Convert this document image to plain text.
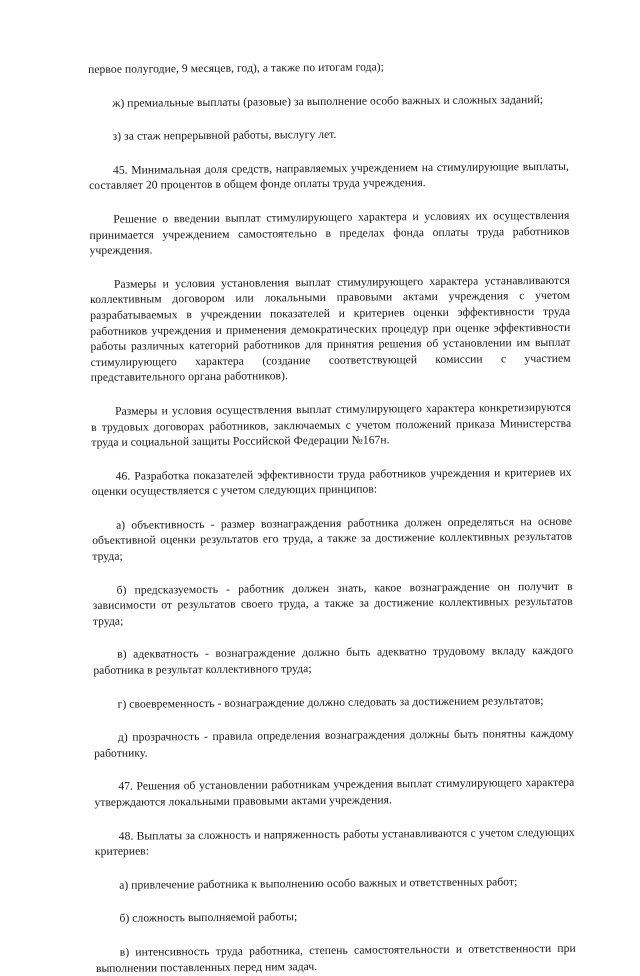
первое полугодие, 9 месяцев, год), а также по итогам года);

ж) премиальные выплаты (разовые) за выполнение особо важных и сложных заданий;

з) за стаж непрерывной работы, выслугу лет.

45. Минимальная доля средств, направляемых учреждением на стимулирующие выплаты, составляет 20 процентов в общем фонде оплаты труда учреждения.

Решение о введении выплат стимулирующего характера и условиях их осуществления принимается учреждением самостоятельно в пределах фонда оплаты труда работников учреждения.

Размеры и условия установления выплат стимулирующего характера устанавливаются коллективным договором или локальными правовыми актами учреждения с учетом разрабатываемых в учреждении показателей и критериев оценки эффективности труда работников учреждения и применения демократических процедур при оценке эффективности работы различных категорий работников для принятия решения об установлении им выплат стимулирующего характера (создание соответствующей комиссии с участием представительного органа работников).

Размеры и условия осуществления выплат стимулирующего характера конкретизируются в трудовых договорах работников, заключаемых с учетом положений приказа Министерства труда и социальной защиты Российской Федерации №167н.

46. Разработка показателей эффективности труда работников учреждения и критериев их оценки осуществляется с учетом следующих принципов:

а) объективность - размер вознаграждения работника должен определяться на основе объективной оценки результатов его труда, а также за достижение коллективных результатов труда;

б) предсказуемость - работник должен знать, какое вознаграждение он получит в зависимости от результатов своего труда, а также за достижение коллективных результатов труда;

в) адекватность - вознаграждение должно быть адекватно трудовому вкладу каждого работника в результат коллективного труда;

г) своевременность - вознаграждение должно следовать за достижением результатов;

д) прозрачность - правила определения вознаграждения должны быть понятны каждому работнику.

47. Решения об установлении работникам учреждения выплат стимулирующего характера утверждаются локальными правовыми актами учреждения.

48. Выплаты за сложность и напряженность работы устанавливаются с учетом следующих критериев:

а) привлечение работника к выполнению особо важных и ответственных работ;

б) сложность выполняемой работы;

в) интенсивность труда работника, степень самостоятельности и ответственности при выполнении поставленных перед ним задач.
